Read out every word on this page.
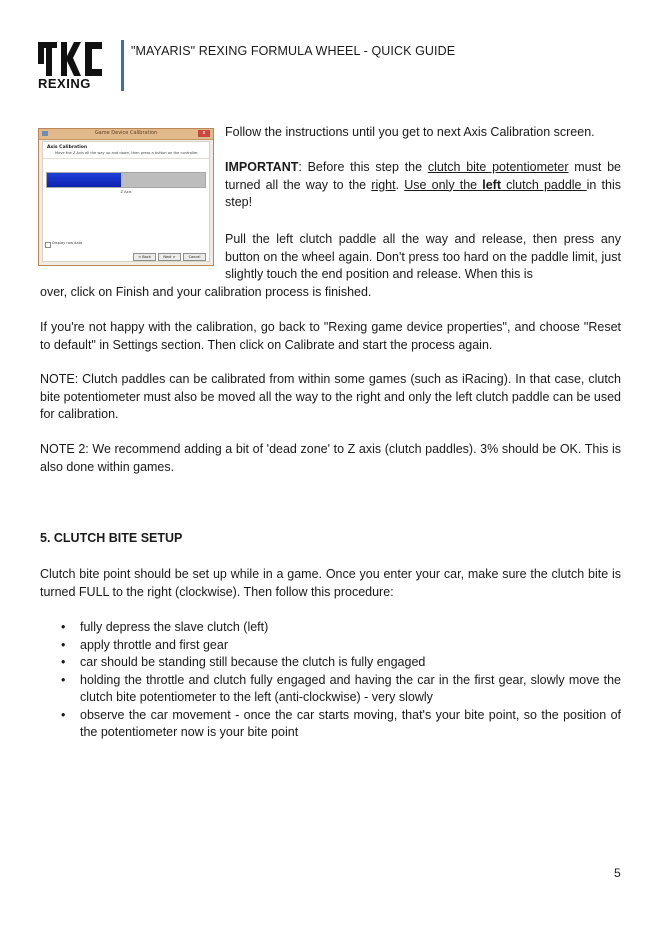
REXING
"MAYARIS" REXING FORMULA WHEEL - QUICK GUIDE
Game Device Calibration	x
Axis Calibration
Move the Z Axis all the way up and down, then press a button on the controller.
Z Axis
Display raw data
< Back	Next >	Cancel

Follow the instructions until you get to next Axis Calibration screen.

IMPORTANT: Before this step the clutch bite potentiometer must be turned all the way to the right. Use only the left clutch paddle in this step!

Pull the left clutch paddle all the way and release, then press any button on the wheel again. Don't press too hard on the paddle limit, just slightly touch the end position and release. When this is

over, click on Finish and your calibration process is finished.

If you're not happy with the calibration, go back to "Rexing game device properties", and choose "Reset to default" in Settings section. Then click on Calibrate and start the process again.

NOTE: Clutch paddles can be calibrated from within some games (such as iRacing). In that case, clutch bite potentiometer must also be moved all the way to the right and only the left clutch paddle can be used for calibration.

NOTE 2: We recommend adding a bit of 'dead zone' to Z axis (clutch paddles). 3% should be OK. This is also done within games.

5. CLUTCH BITE SETUP

Clutch bite point should be set up while in a game. Once you enter your car, make sure the clutch bite is turned FULL to the right (clockwise). Then follow this procedure:

• fully depress the slave clutch (left)
• apply throttle and first gear
• car should be standing still because the clutch is fully engaged
• holding the throttle and clutch fully engaged and having the car in the first gear, slowly move the clutch bite potentiometer to the left (anti-clockwise) - very slowly
• observe the car movement - once the car starts moving, that's your bite point, so the position of the potentiometer now is your bite point
5
